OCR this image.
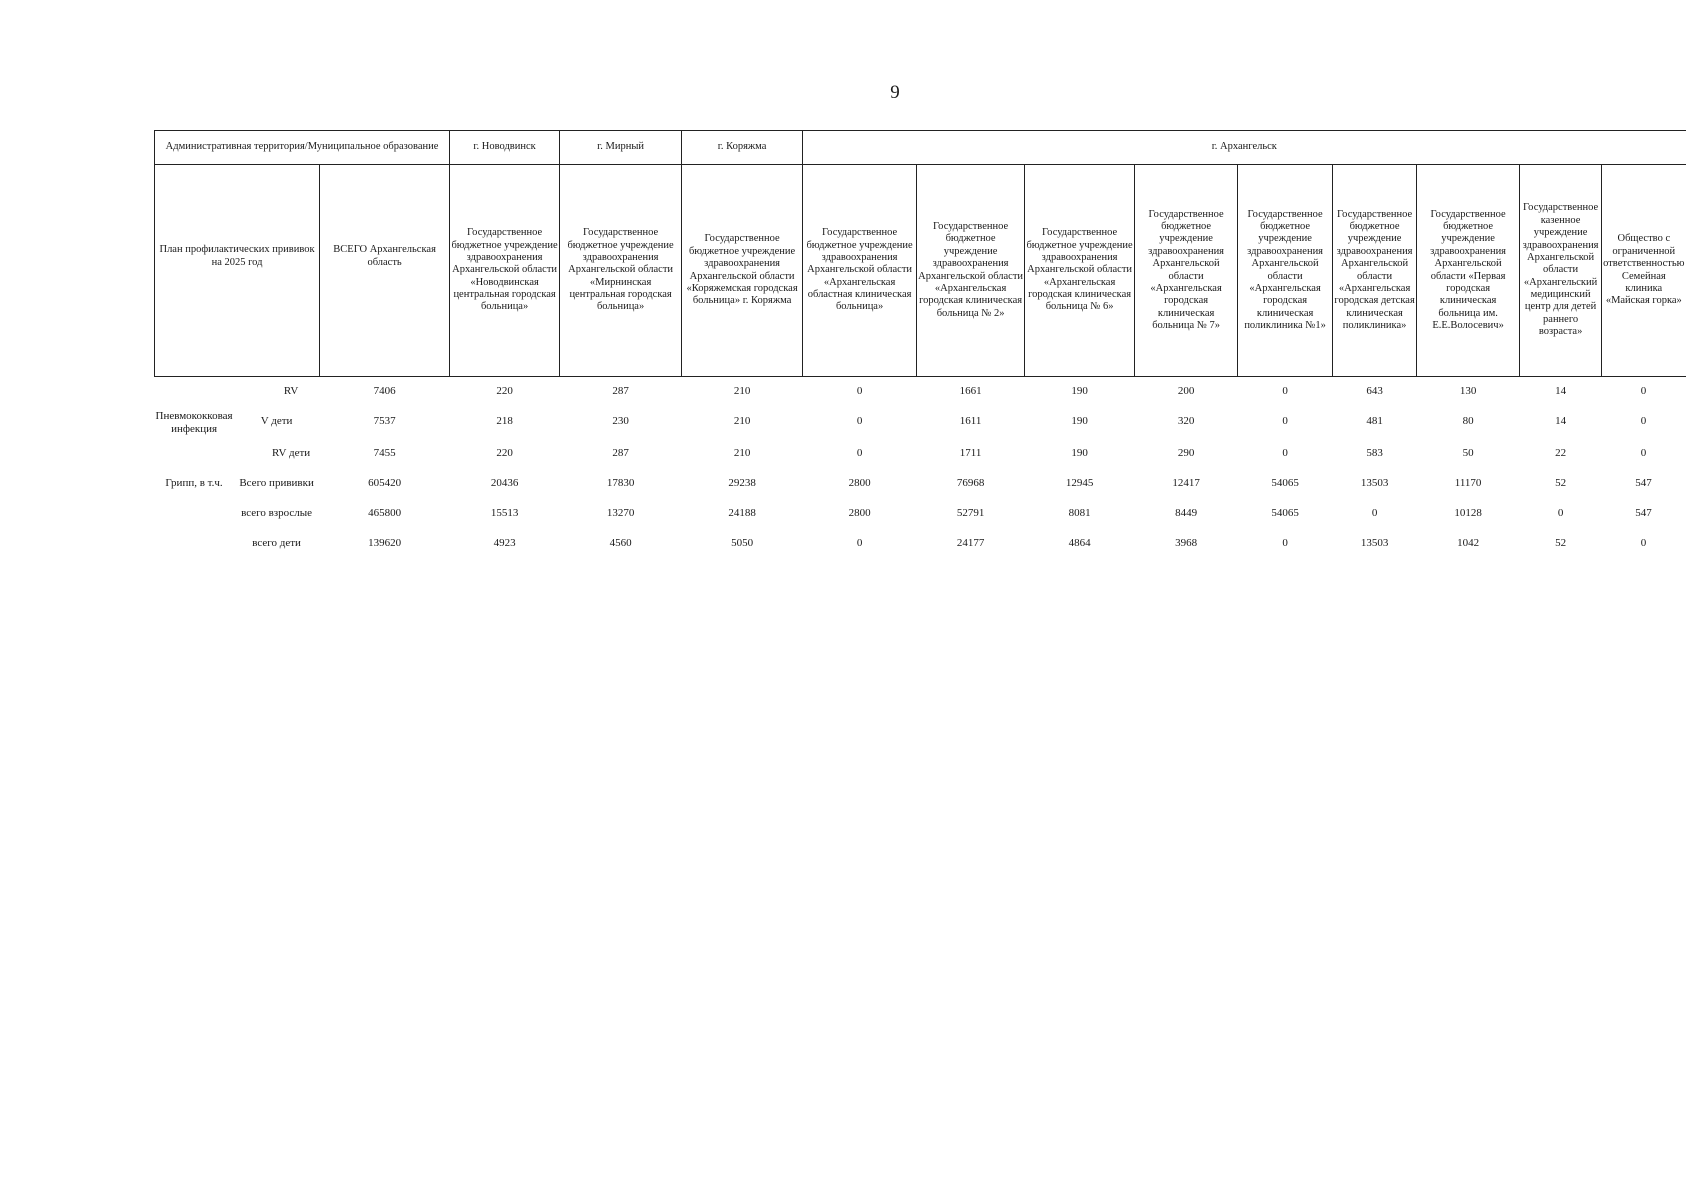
9
Административная территория/Муниципальное образование			г. Новодвинск	г. Мирный	г. Коряжма	г. Архангельск								
План профилактических прививок
на 2025 год		ВСЕГО Архангельская область	Государственное бюджетное учреждение здравоохранения Архангельской области «Новодвинская центральная городская больница»	Государственное бюджетное учреждение здравоохранения Архангельской области «Мирнинская центральная городская больница»	Государственное бюджетное учреждение здравоохранения Архангельской области «Коряжемская городская больница» г. Коряжма	Государственное бюджетное учреждение здравоохранения Архангельской области «Архангельская областная клиническая больница»	Государственное бюджетное учреждение здравоохранения Архангельской области «Архангельская городская клиническая больница № 2»	Государственное бюджетное учреждение здравоохранения Архангельской области «Архангельская городская клиническая больница № 6»	Государственное бюджетное учреждение здравоохранения Архангельской области «Архангельская городская клиническая больница № 7»	Государственное бюджетное учреждение здравоохранения Архангельской области «Архангельская городская клиническая поликлиника №1»	Государственное бюджетное учреждение здравоохранения Архангельской области «Архангельская городская детская клиническая поликлиника»	Государственное бюджетное учреждение здравоохранения Архангельской области «Первая городская клиническая больница им. Е.Е.Волосевич»	Государственное казенное учреждение здравоохранения Архангельской области «Архангельский медицинский центр для детей раннего возраста»	Общество с ограниченной ответственностью Семейная клиника «Майская горка»
Пневмококковая инфекция	RV	7406	220	287	210	0	1661	190	200	0	643	130	14	0
	V дети	7537	218	230	210	0	1611	190	320	0	481	80	14	0
	RV дети	7455	220	287	210	0	1711	190	290	0	583	50	22	0
Грипп, в т.ч.	Всего прививки	605420	20436	17830	29238	2800	76968	12945	12417	54065	13503	11170	52	547
	всего взрослые	465800	15513	13270	24188	2800	52791	8081	8449	54065	0	10128	0	547
	всего дети	139620	4923	4560	5050	0	24177	4864	3968	0	13503	1042	52	0
